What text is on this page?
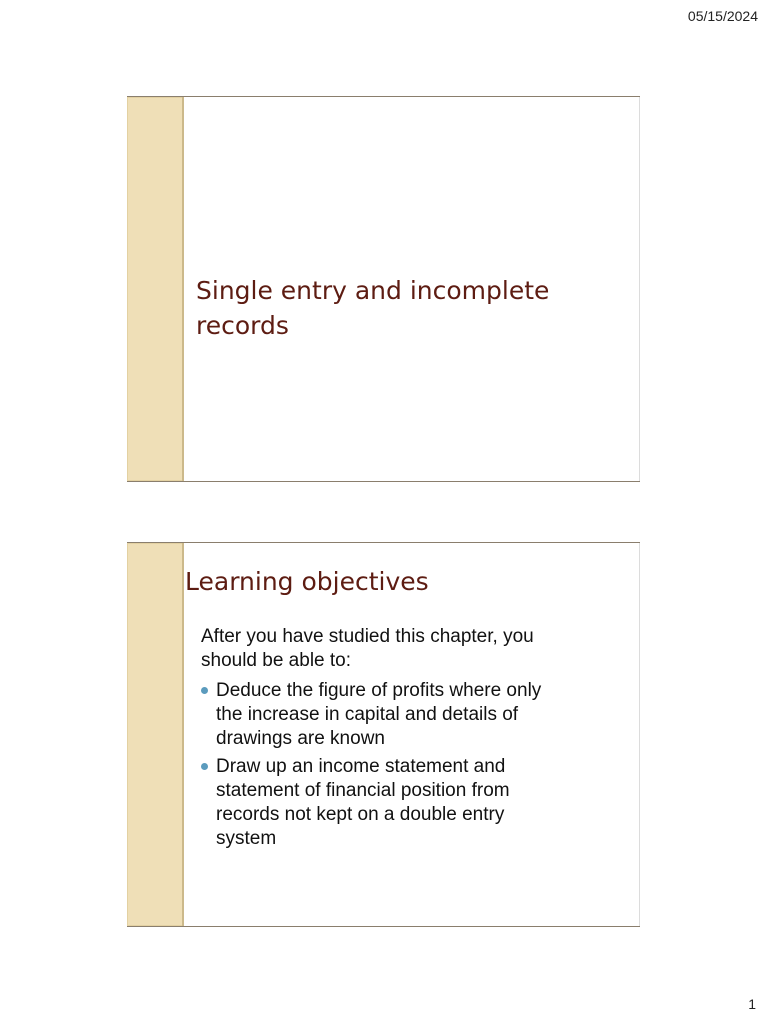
05/15/2024
Single entry and incomplete
records
Learning objectives

After you have studied this chapter, you
should be able to:

Deduce the figure of profits where only
the increase in capital and details of
drawings are known
Draw up an income statement and
statement of financial position from
records not kept on a double entry
system
1
